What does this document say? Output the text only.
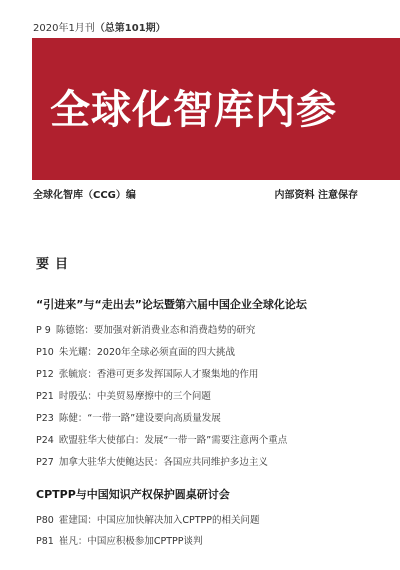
2020年1月刊（总第101期）
全球化智库内参
全球化智库（CCG）编	内部资料 注意保存
要目
“引进来”与“走出去”论坛暨第六届中国企业全球化论坛
P 9 陈德铭：要加强对新消费业态和消费趋势的研究
P10 朱光耀：2020年全球必须直面的四大挑战
P12 张毓宸：香港可更多发挥国际人才聚集地的作用
P21 时殷弘：中美贸易摩擦中的三个问题
P23 陈健：“一带一路”建设要向高质量发展
P24 欧盟驻华大使郁白：发展“一带一路”需要注意两个重点
P27 加拿大驻华大使鲍达民：各国应共同维护多边主义
CPTPP与中国知识产权保护圆桌研讨会
P80 霍建国：中国应加快解决加入CPTPP的相关问题
P81 崔凡：中国应积极参加CPTPP谈判
